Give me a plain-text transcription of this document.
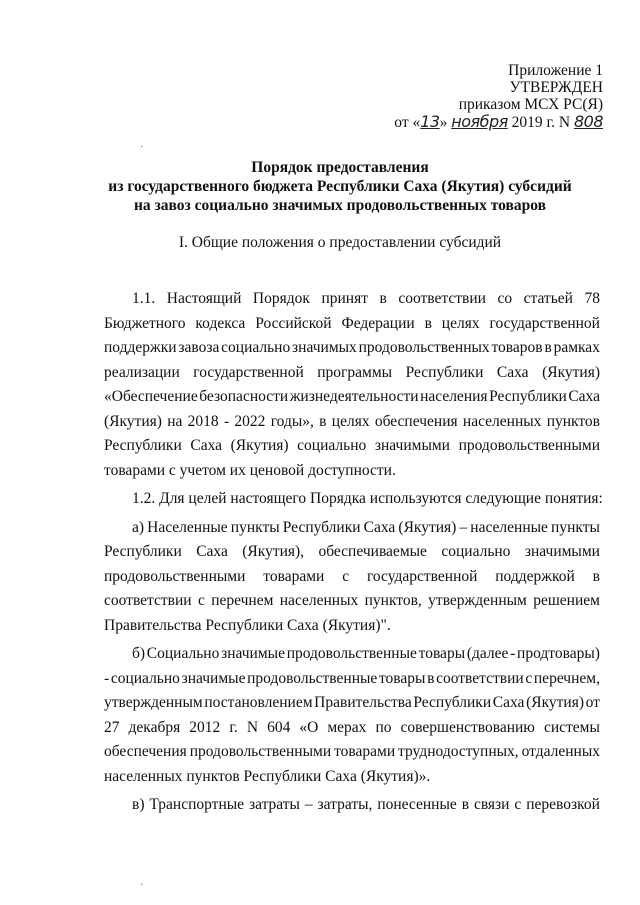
Приложение 1
УТВЕРЖДЕН
приказом МСХ РС(Я)
от «13» ноября 2019 г. N 808
Порядок предоставления
из государственного бюджета Республики Саха (Якутия) субсидий
на завоз социально значимых продовольственных товаров
I. Общие положения о предоставлении субсидий
1.1. Настоящий Порядок принят в соответствии со статьей 78
Бюджетного кодекса Российской Федерации в целях государственной
поддержки завоза социально значимых продовольственных товаров в рамках
реализации государственной программы Республики Саха (Якутия)
«Обеспечение безопасности жизнедеятельности населения Республики Саха
(Якутия) на 2018 - 2022 годы», в целях обеспечения населенных пунктов
Республики Саха (Якутия) социально значимыми продовольственными
товарами с учетом их ценовой доступности.
1.2. Для целей настоящего Порядка используются следующие понятия:
а) Населенные пункты Республики Саха (Якутия) – населенные пункты
Республики Саха (Якутия), обеспечиваемые социально значимыми
продовольственными товарами с государственной поддержкой в
соответствии с перечнем населенных пунктов, утвержденным решением
Правительства Республики Саха (Якутия)".
б) Социально значимые продовольственные товары (далее - продтовары)
- социально значимые продовольственные товары в соответствии с перечнем,
утвержденным постановлением Правительства Республики Саха (Якутия) от
27 декабря 2012 г. N 604 «О мерах по совершенствованию системы
обеспечения продовольственными товарами труднодоступных, отдаленных
населенных пунктов Республики Саха (Якутия)».
в) Транспортные затраты – затраты, понесенные в связи с перевозкой
·
·
